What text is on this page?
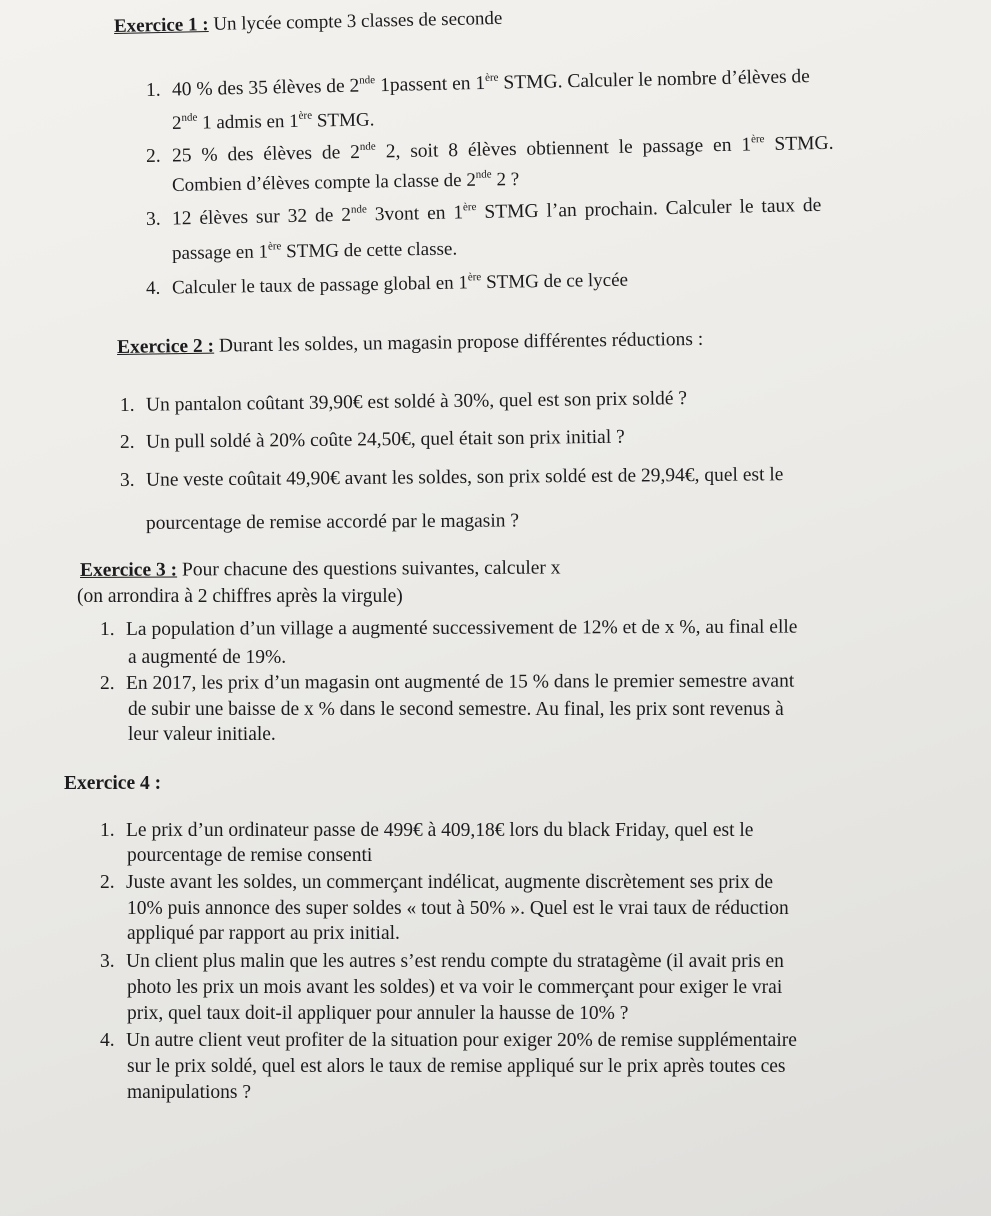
Exercice 1 : Un lycée compte 3 classes de seconde
1. 40 % des 35 élèves de 2nde 1passent en 1ère STMG. Calculer le nombre d’élèves de
2nde 1 admis en 1ère STMG.
2. 25 % des élèves de 2nde 2, soit 8 élèves obtiennent le passage en 1ère STMG.
Combien d’élèves compte la classe de 2nde 2 ?
3. 12 élèves sur 32 de 2nde 3vont en 1ère STMG l’an prochain. Calculer le taux de
passage en 1ère STMG de cette classe.
4. Calculer le taux de passage global en 1ère STMG de ce lycée
Exercice 2 : Durant les soldes, un magasin propose différentes réductions :
1. Un pantalon coûtant 39,90€ est soldé à 30%, quel est son prix soldé ?
2. Un pull soldé à 20% coûte 24,50€, quel était son prix initial ?
3. Une veste coûtait 49,90€ avant les soldes, son prix soldé est de 29,94€, quel est le
pourcentage de remise accordé par le magasin ?
Exercice 3 : Pour chacune des questions suivantes, calculer x
(on arrondira à 2 chiffres après la virgule)
1. La population d’un village a augmenté successivement de 12% et de x %, au final elle
a augmenté de 19%.
2. En 2017, les prix d’un magasin ont augmenté de 15 % dans le premier semestre avant
de subir une baisse de x % dans le second semestre. Au final, les prix sont revenus à
leur valeur initiale.
Exercice 4 :
1. Le prix d’un ordinateur passe de 499€ à 409,18€ lors du black Friday, quel est le
pourcentage de remise consenti
2. Juste avant les soldes, un commerçant indélicat, augmente discrètement ses prix de
10% puis annonce des super soldes « tout à 50% ». Quel est le vrai taux de réduction
appliqué par rapport au prix initial.
3. Un client plus malin que les autres s’est rendu compte du stratagème (il avait pris en
photo les prix un mois avant les soldes) et va voir le commerçant pour exiger le vrai
prix, quel taux doit-il appliquer pour annuler la hausse de 10% ?
4. Un autre client veut profiter de la situation pour exiger 20% de remise supplémentaire
sur le prix soldé, quel est alors le taux de remise appliqué sur le prix après toutes ces
manipulations ?
